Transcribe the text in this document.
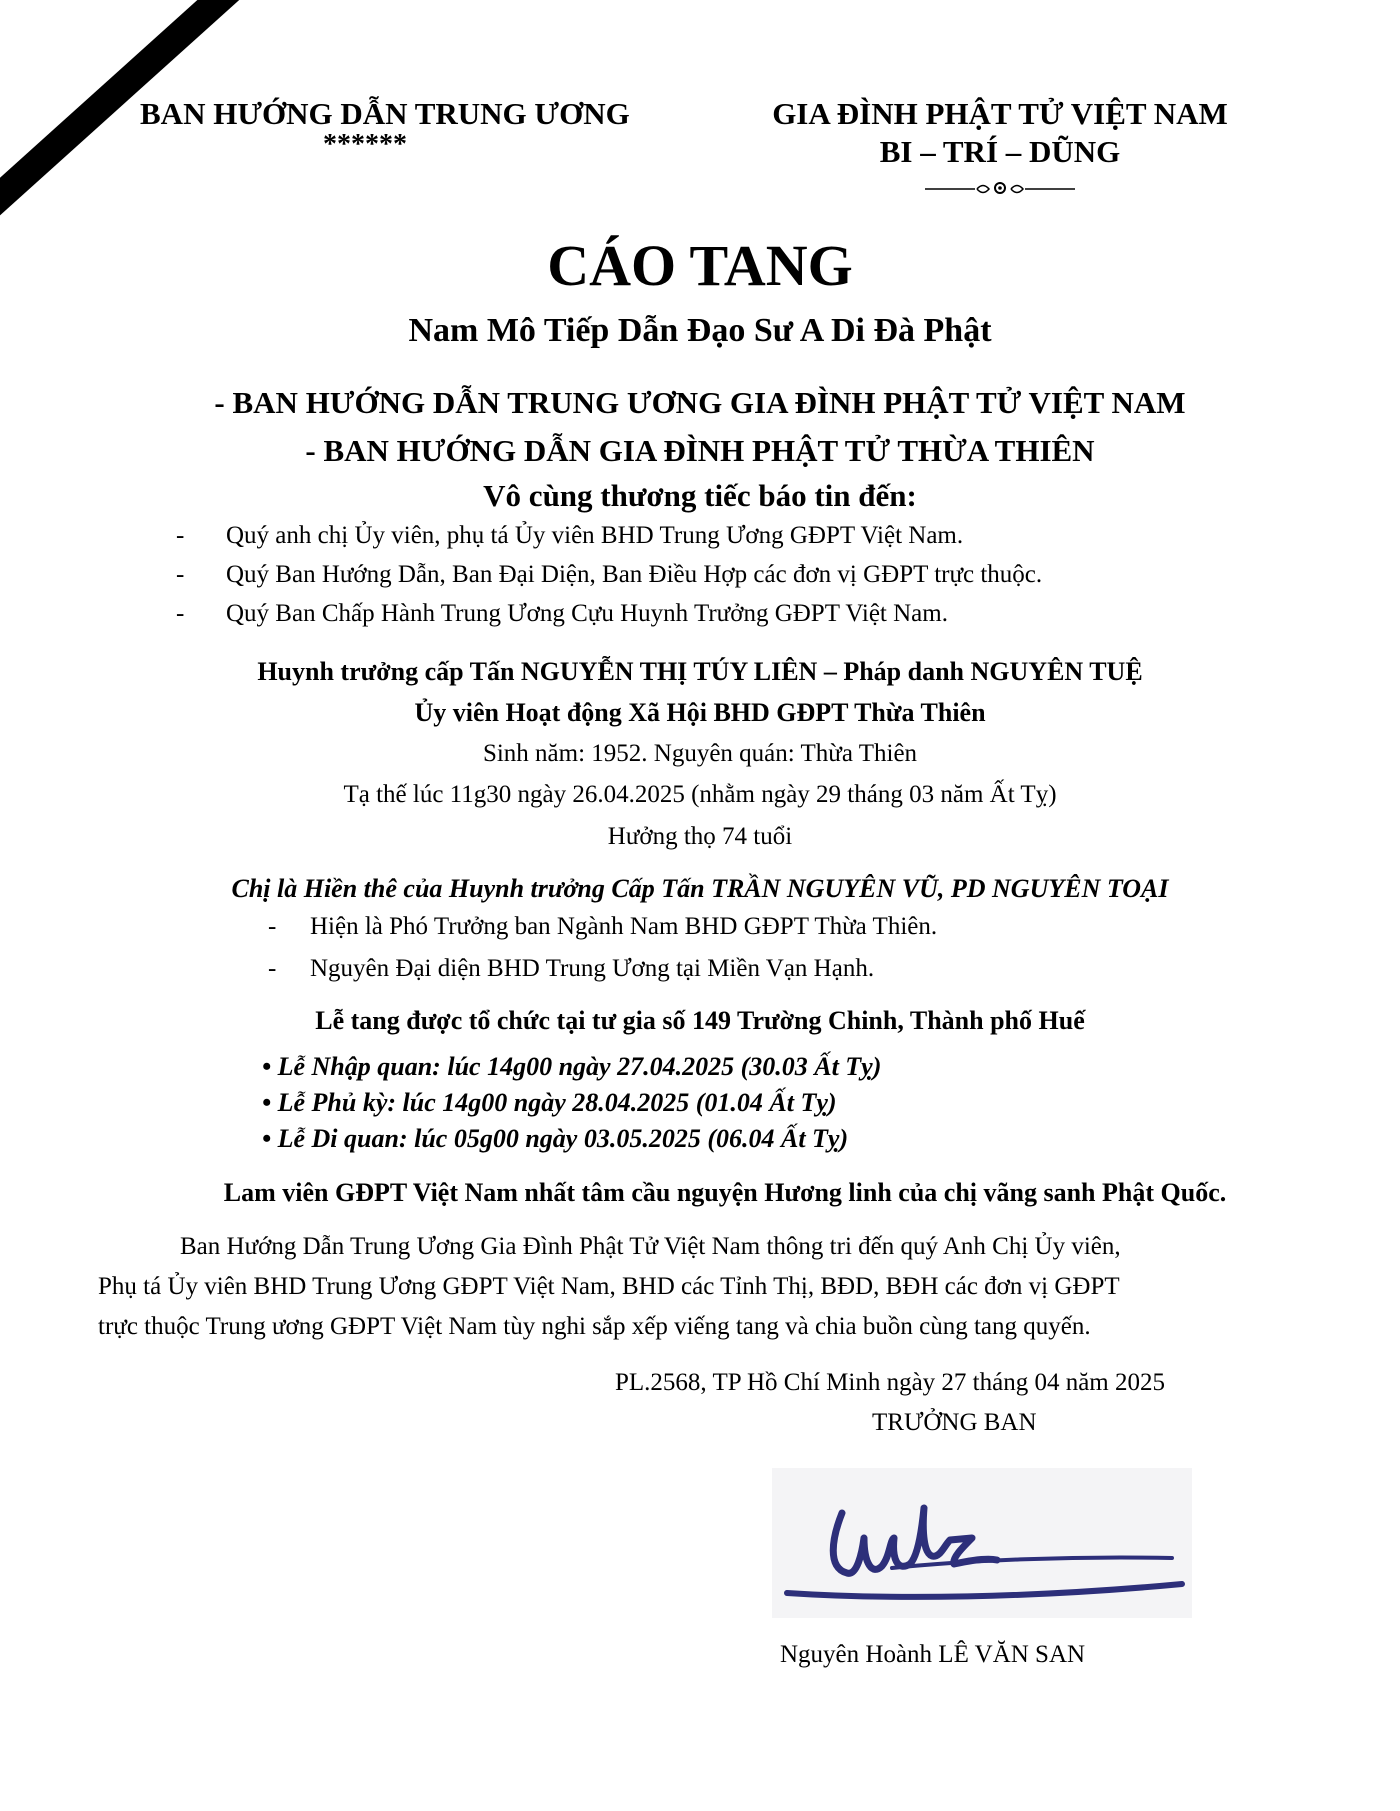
BAN HƯỚNG DẪN TRUNG ƯƠNG
******
GIA ĐÌNH PHẬT TỬ VIỆT NAM
BI – TRÍ – DŨNG
CÁO TANG
Nam Mô Tiếp Dẫn Đạo Sư A Di Đà Phật
- BAN HƯỚNG DẪN TRUNG ƯƠNG GIA ĐÌNH PHẬT TỬ VIỆT NAM
- BAN HƯỚNG DẪN GIA ĐÌNH PHẬT TỬ THỪA THIÊN
Vô cùng thương tiếc báo tin đến:
- Quý anh chị Ủy viên, phụ tá Ủy viên BHD Trung Ương GĐPT Việt Nam.
- Quý Ban Hướng Dẫn, Ban Đại Diện, Ban Điều Hợp các đơn vị GĐPT trực thuộc.
- Quý Ban Chấp Hành Trung Ương Cựu Huynh Trưởng GĐPT Việt Nam.
Huynh trưởng cấp Tấn NGUYỄN THỊ TÚY LIÊN – Pháp danh NGUYÊN TUỆ
Ủy viên Hoạt động Xã Hội BHD GĐPT Thừa Thiên
Sinh năm: 1952. Nguyên quán: Thừa Thiên
Tạ thế lúc 11g30 ngày 26.04.2025 (nhằm ngày 29 tháng 03 năm Ất Tỵ)
Hưởng thọ 74 tuổi
Chị là Hiền thê của Huynh trưởng Cấp Tấn TRẦN NGUYÊN VŨ, PD NGUYÊN TOẠI
- Hiện là Phó Trưởng ban Ngành Nam BHD GĐPT Thừa Thiên.
- Nguyên Đại diện BHD Trung Ương tại Miền Vạn Hạnh.
Lễ tang được tổ chức tại tư gia số 149 Trường Chinh, Thành phố Huế
• Lễ Nhập quan: lúc 14g00 ngày 27.04.2025 (30.03 Ất Tỵ)
• Lễ Phủ kỳ: lúc 14g00 ngày 28.04.2025 (01.04 Ất Tỵ)
• Lễ Di quan: lúc 05g00 ngày 03.05.2025 (06.04 Ất Tỵ)
Lam viên GĐPT Việt Nam nhất tâm cầu nguyện Hương linh của chị vãng sanh Phật Quốc.
Ban Hướng Dẫn Trung Ương Gia Đình Phật Tử Việt Nam thông tri đến quý Anh Chị Ủy viên,
Phụ tá Ủy viên BHD Trung Ương GĐPT Việt Nam, BHD các Tỉnh Thị, BĐD, BĐH các đơn vị GĐPT
trực thuộc Trung ương GĐPT Việt Nam tùy nghi sắp xếp viếng tang và chia buồn cùng tang quyến.
PL.2568, TP Hồ Chí Minh ngày 27 tháng 04 năm 2025
TRƯỞNG BAN
Nguyên Hoành LÊ VĂN SAN
